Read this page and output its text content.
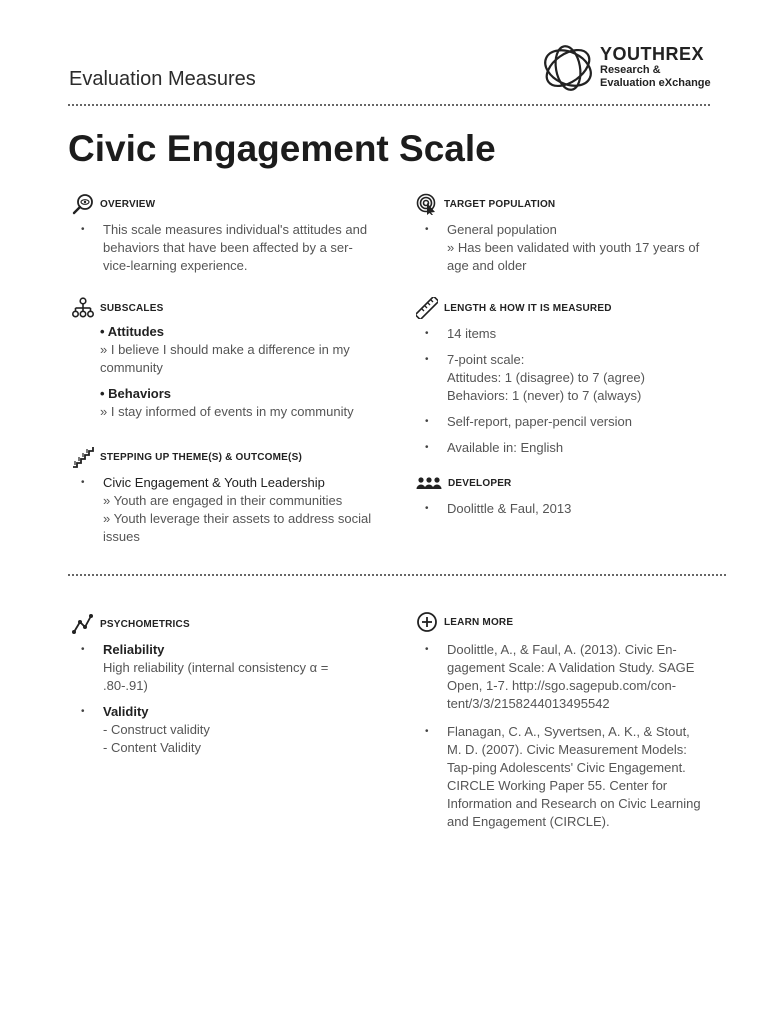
Evaluation Measures
YOUTHREX
Research &
Evaluation eXchange
Civic Engagement Scale
OVERVIEW
• This scale measures individual's attitudes and behaviors that have been affected by a ser-vice-learning experience.
TARGET POPULATION
• General population
» Has been validated with youth 17 years of age and older
SUBSCALES
• Attitudes
» I believe I should make a difference in my community
• Behaviors
» I stay informed of events in my community
LENGTH & HOW IT IS MEASURED
• 14 items
• 7-point scale:
Attitudes: 1 (disagree) to 7 (agree)
Behaviors: 1 (never) to 7 (always)
• Self-report, paper-pencil version
• Available in: English
STEPPING UP THEME(S) & OUTCOME(S)
• Civic Engagement & Youth Leadership
» Youth are engaged in their communities
» Youth leverage their assets to address social issues
DEVELOPER
• Doolittle & Faul, 2013
PSYCHOMETRICS
• Reliability
High reliability (internal consistency α = .80-.91)
• Validity
- Construct validity
- Content Validity
LEARN MORE
• Doolittle, A., & Faul, A. (2013). Civic En-gagement Scale: A Validation Study. SAGE Open, 1-7. http://sgo.sagepub.com/con-tent/3/3/2158244013495542
• Flanagan, C. A., Syvertsen, A. K., & Stout, M. D. (2007). Civic Measurement Models: Tap-ping Adolescents' Civic Engagement. CIRCLE Working Paper 55. Center for Information and Research on Civic Learning and Engagement (CIRCLE).
